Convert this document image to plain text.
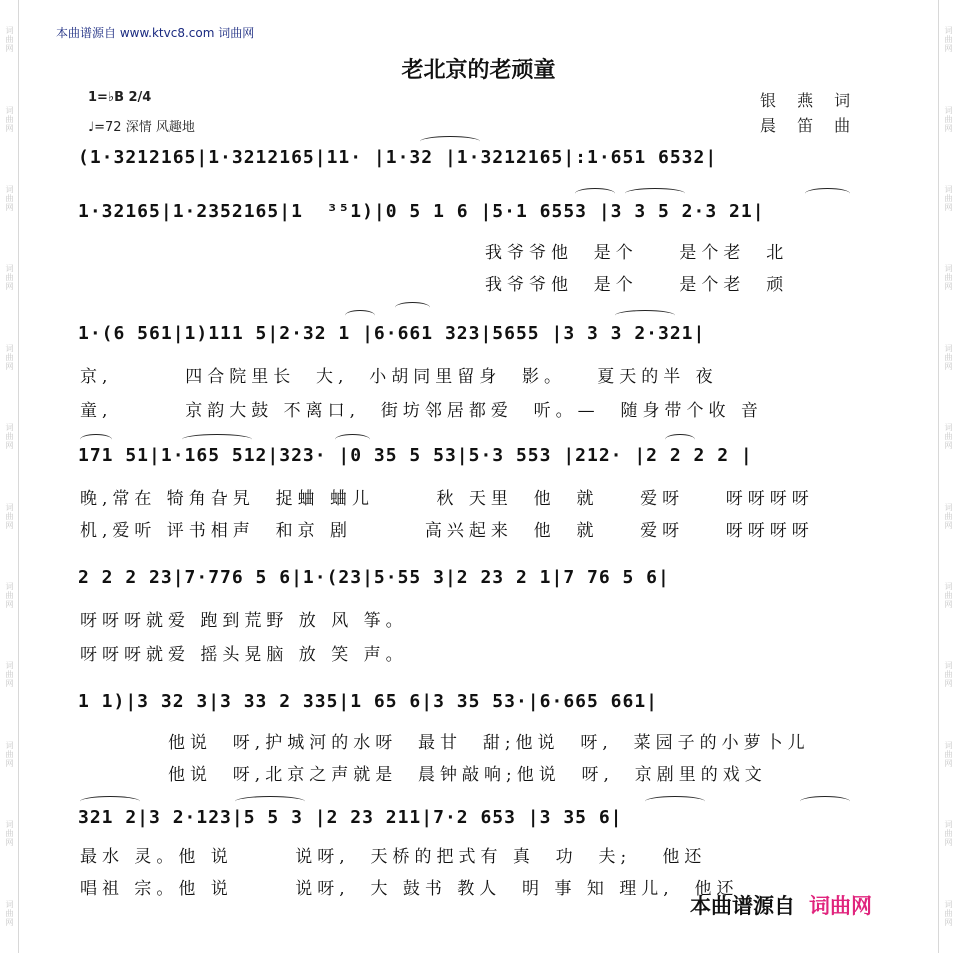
词曲网
词曲网
词曲网
词曲网
词曲网
词曲网
词曲网
词曲网
词曲网
词曲网
词曲网
词曲网
词曲网
词曲网
词曲网
词曲网
词曲网
词曲网
词曲网
词曲网
词曲网
词曲网
词曲网
词曲网
本曲谱源自 www.ktvc8.com 词曲网
老北京的老顽童
1=♭B 2/4
♩=72 深情 风趣地
银 燕 词
晨 笛 曲
(1·3212165|1·3212165|11· |1·32 |1·3212165|:1·651 6532|
1·32165|1·2352165|1  ³⁵1)|0 5 1 6 |5·1 6553 |3 3 5 2·3 21|
我爷爷他  是个    是个老  北
我爷爷他  是个    是个老  顽
1·(6 561|1)111 5|2·32 1 |6·661 323|5655 |3 3 3 2·321|
京,       四合院里长  大,  小胡同里留身  影。   夏天的半 夜
童,       京韵大鼓 不离口,  街坊邻居都爱  听。—  随身带个收 音
171 51|1·165 512|323· |0 35 5 53|5·3 553 |212· |2 2 2 2 |
晚,常在 犄角旮旯  捉蛐 蛐儿      秋 天里  他  就    爱呀    呀呀呀呀
机,爱听 评书相声  和京 剧       高兴起来  他  就    爱呀    呀呀呀呀
2 2 2 23|7·776 5 6|1·(23|5·55 3|2 23 2 1|7 76 5 6|
呀呀呀就爱 跑到荒野 放 风 筝。
呀呀呀就爱 摇头晃脑 放 笑 声。
1 1)|3 32 3|3 33 2 335|1 65 6|3 35 53·|6·665 661|
他说  呀,护城河的水呀  最甘  甜;他说  呀,  菜园子的小萝卜儿
他说  呀,北京之声就是  晨钟敲响;他说  呀,  京剧里的戏文
321 2|3 2·123|5 5 3 |2 23 211|7·2 653 |3 35 6|
最水 灵。他 说      说呀,  天桥的把式有 真  功  夫;   他还
唱祖 宗。他 说      说呀,  大 鼓书 教人  明 事 知 理儿,  他还
本曲谱源自 词曲网
